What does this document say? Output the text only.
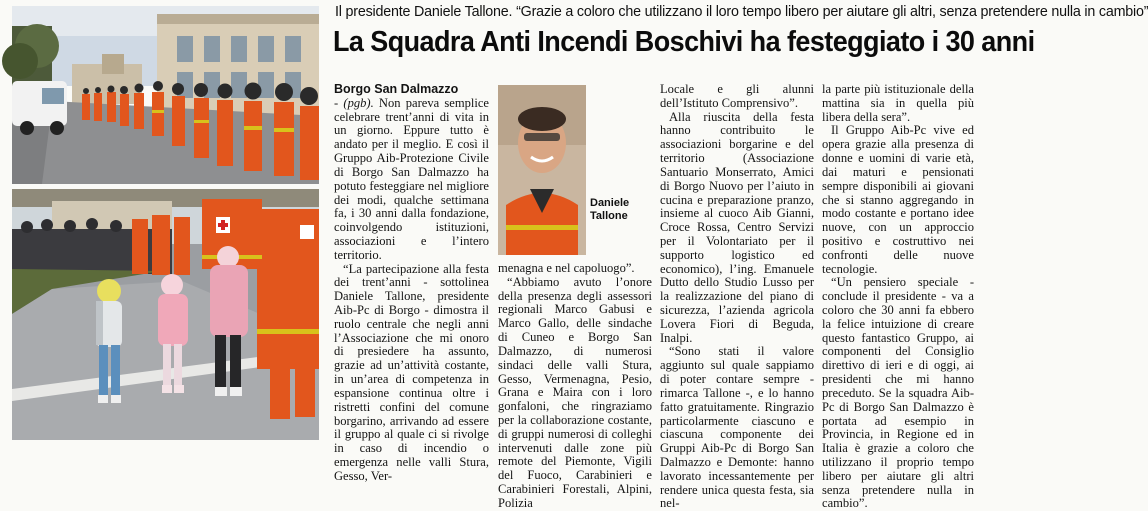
Il presidente Daniele Tallone. “Grazie a coloro che utilizzano il loro tempo libero per aiutare gli altri, senza pretendere nulla in cambio”
La Squadra Anti Incendi Boschivi ha festeggiato i 30 anni

Borgo San Dalmazzo
- (pgb). Non pareva semplice celebrare trent’anni di vita in un giorno. Eppure tutto è andato per il meglio. E così il Gruppo Aib-Protezione Civile di Borgo San Dalmazzo ha potuto festeggiare nel migliore dei modi, qualche settimana fa, i 30 anni dalla fondazione, coinvolgendo istituzioni, associazioni e l’intero territorio.

“La partecipazione alla festa dei trent’anni - sottolinea Daniele Tallone, presidente Aib-Pc di Borgo - dimostra il ruolo centrale che negli anni l’Associazione che mi onoro di presiedere ha assunto, grazie ad un’attività costante, in un’area di competenza in espansione continua oltre i ristretti confini del comune borgarino, arrivando ad essere il gruppo al quale ci si rivolge in caso di incendio o emergenza nelle valli Stura, Gesso, Ver-

Daniele
Tallone

menagna e nel capoluogo”.

“Abbiamo avuto l’onore della presenza degli assessori regionali Marco Gabusi e Marco Gallo, delle sindache di Cuneo e Borgo San Dalmazzo, di numerosi sindaci delle valli Stura, Gesso, Vermenagna, Pesio, Grana e Maira con i loro gonfaloni, che ringraziamo per la collaborazione costante, di gruppi numerosi di colleghi intervenuti dalle zone più remote del Piemonte, Vigili del Fuoco, Carabinieri e Carabinieri Forestali, Alpini, Polizia

Locale e gli alunni dell’Istituto Comprensivo”.

Alla riuscita della festa hanno contribuito le associazioni borgarine e del territorio (Associazione Santuario Monserrato, Amici di Borgo Nuovo per l’aiuto in cucina e preparazione pranzo, insieme al cuoco Aib Gianni, Croce Rossa, Centro Servizi per il Volontariato per il supporto logistico ed economico), l’ing. Emanuele Dutto dello Studio Lusso per la realizzazione del piano di sicurezza, l’azienda agricola Lovera Fiori di Beguda, Inalpi.

“Sono stati il valore aggiunto sul quale sappiamo di poter contare sempre - rimarca Tallone -, e lo hanno fatto gratuitamente. Ringrazio particolarmente ciascuno e ciascuna componente dei Gruppi Aib-Pc di Borgo San Dalmazzo e Demonte: hanno lavorato incessantemente per rendere unica questa festa, sia nel-

la parte più istituzionale della mattina sia in quella più libera della sera”.

Il Gruppo Aib-Pc vive ed opera grazie alla presenza di donne e uomini di varie età, dai maturi e pensionati sempre disponibili ai giovani che si stanno aggregando in modo costante e portano idee nuove, con un approccio positivo e costruttivo nei confronti delle nuove tecnologie.

“Un pensiero speciale - conclude il presidente - va a coloro che 30 anni fa ebbero la felice intuizione di creare questo fantastico Gruppo, ai componenti del Consiglio direttivo di ieri e di oggi, ai presidenti che mi hanno preceduto. Se la squadra Aib-Pc di Borgo San Dalmazzo è portata ad esempio in Provincia, in Regione ed in Italia è grazie a coloro che utilizzano il proprio tempo libero per aiutare gli altri senza pretendere nulla in cambio”.
